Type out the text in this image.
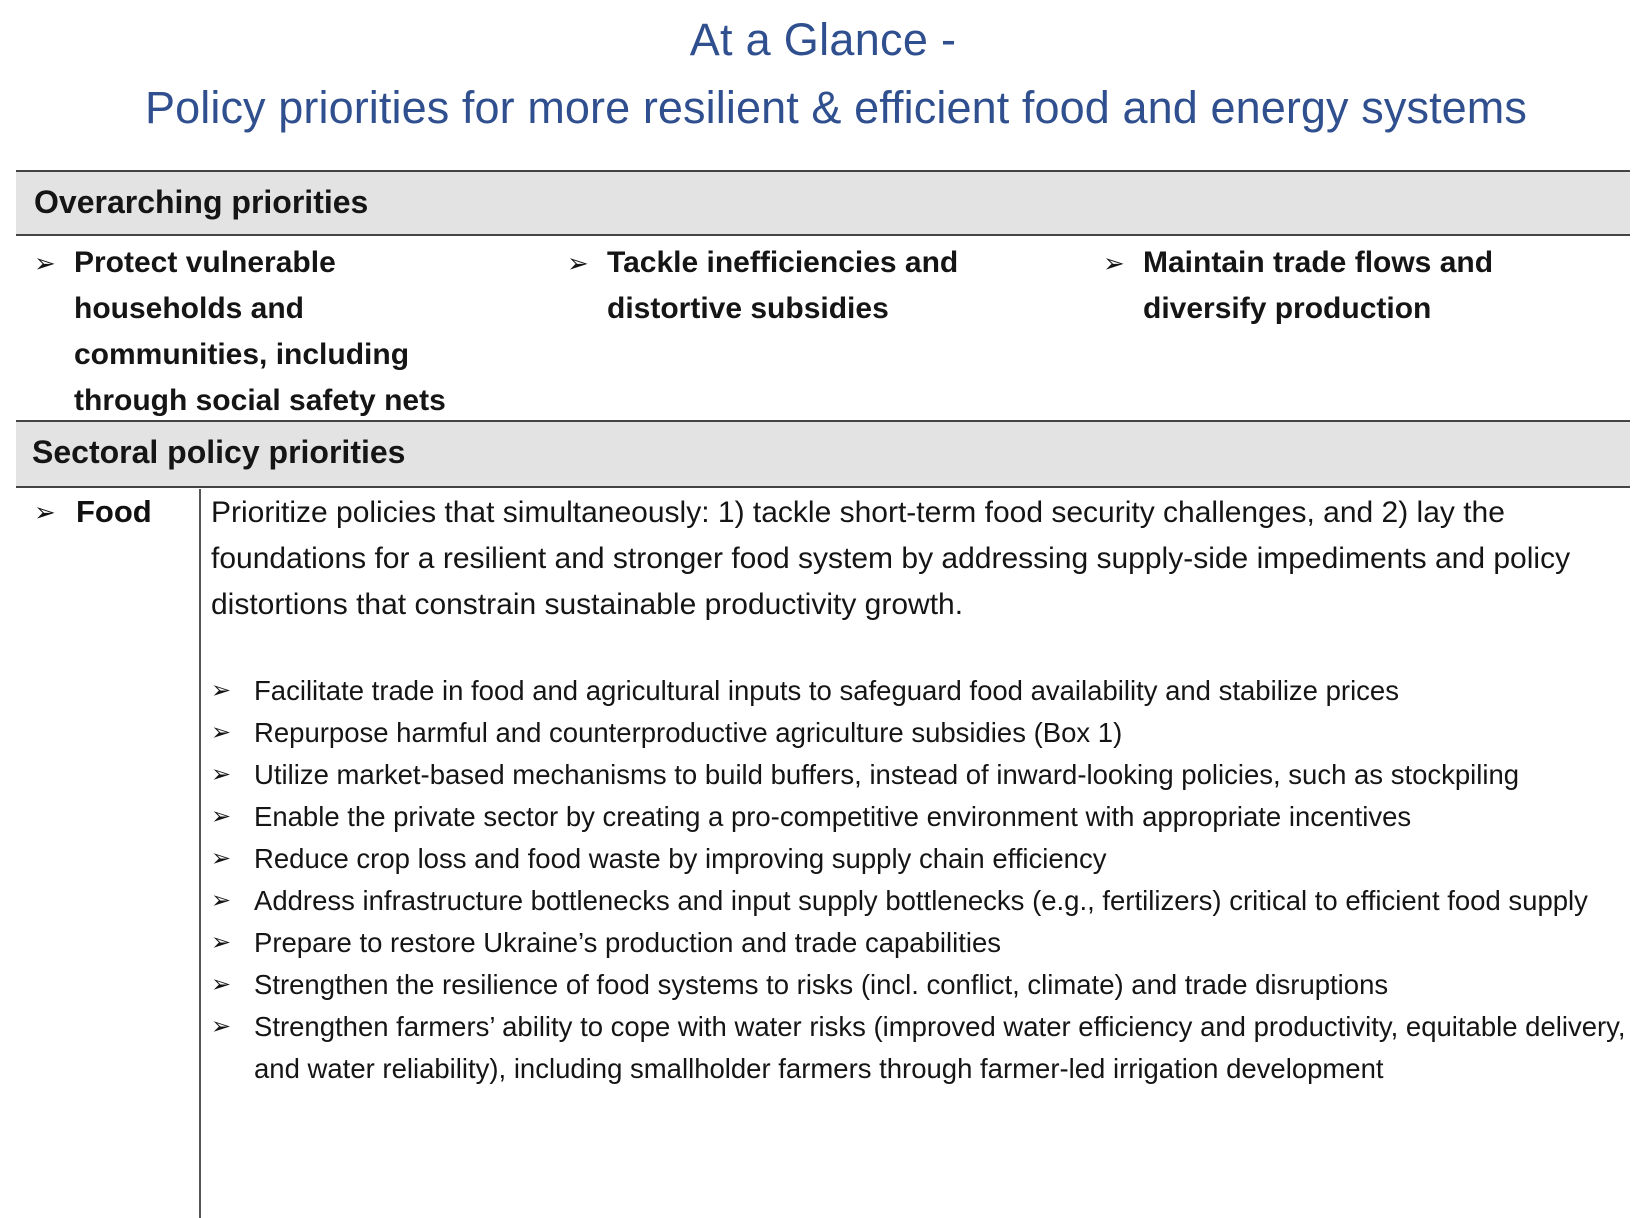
At a Glance -
Policy priorities for more resilient & efficient food and energy systems
Overarching priorities
➢ Protect vulnerable households and communities, including through social safety nets
➢ Tackle inefficiencies and distortive subsidies
➢ Maintain trade flows and diversify production
Sectoral policy priorities
➢ Food Prioritize policies that simultaneously: 1) tackle short-term food security challenges, and 2) lay the foundations for a resilient and stronger food system by addressing supply-side impediments and policy distortions that constrain sustainable productivity growth.
➢ Facilitate trade in food and agricultural inputs to safeguard food availability and stabilize prices
➢ Repurpose harmful and counterproductive agriculture subsidies (Box 1)
➢ Utilize market-based mechanisms to build buffers, instead of inward-looking policies, such as stockpiling
➢ Enable the private sector by creating a pro-competitive environment with appropriate incentives
➢ Reduce crop loss and food waste by improving supply chain efficiency
➢ Address infrastructure bottlenecks and input supply bottlenecks (e.g., fertilizers) critical to efficient food supply
➢ Prepare to restore Ukraine’s production and trade capabilities
➢ Strengthen the resilience of food systems to risks (incl. conflict, climate) and trade disruptions
➢ Strengthen farmers’ ability to cope with water risks (improved water efficiency and productivity, equitable delivery, and water reliability), including smallholder farmers through farmer-led irrigation development
